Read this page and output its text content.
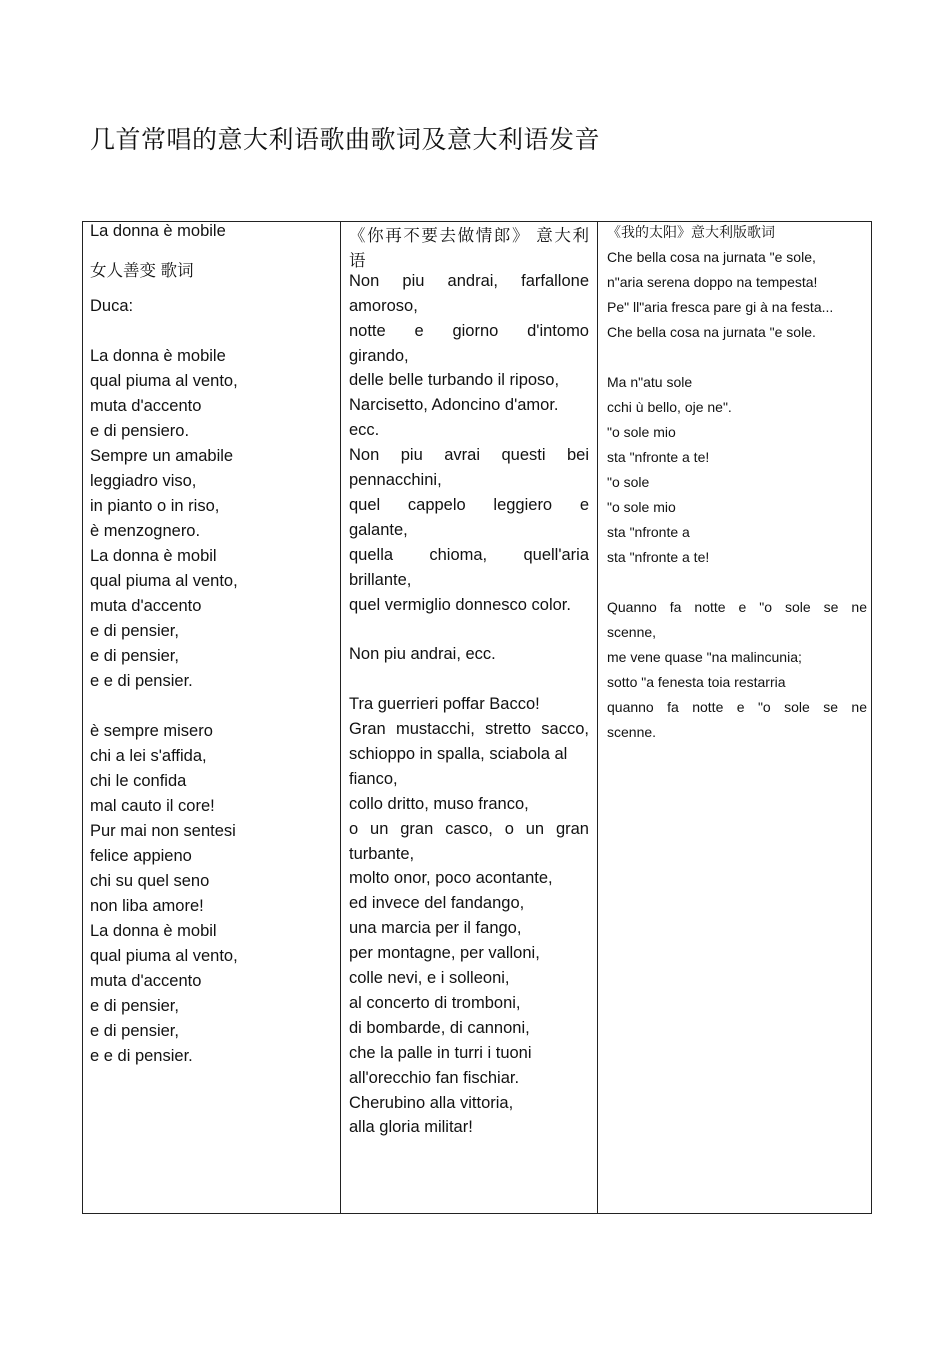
几首常唱的意大利语歌曲歌词及意大利语发音
La donna è mobile
女人善变 歌词
Duca:
La donna è mobile
qual piuma al vento,
muta d'accento
e di pensiero.
Sempre un amabile
leggiadro viso,
in pianto o in riso,
è menzognero.
La donna è mobil
qual piuma al vento,
muta d'accento
e di pensier,
e di pensier,
e e di pensier.
è sempre misero
chi a lei s'affida,
chi le confida
mal cauto il core!
Pur mai non sentesi
felice appieno
chi su quel seno
non liba amore!
La donna è mobil
qual piuma al vento,
muta d'accento
e di pensier,
e di pensier,
e e di pensier.
《你再不要去做情郎》 意大利
语
Non piu andrai, farfallone
amoroso,
notte e giorno d'intomo
girando,
delle belle turbando il riposo,
Narcisetto, Adoncino d'amor.
ecc.
Non piu avrai questi bei
pennacchini,
quel cappelo leggiero e
galante,
quella chioma, quell'aria
brillante,
quel vermiglio donnesco color.
Non piu andrai, ecc.
Tra guerrieri poffar Bacco!
Gran mustacchi, stretto sacco,
schioppo in spalla, sciabola al
fianco,
collo dritto, muso franco,
o un gran casco, o un gran
turbante,
molto onor, poco acontante,
ed invece del fandango,
una marcia per il fango,
per montagne, per valloni,
colle nevi, e i solleoni,
al concerto di tromboni,
di bombarde, di cannoni,
che la palle in turri i tuoni
all'orecchio fan fischiar.
Cherubino alla vittoria,
alla gloria militar!
《我的太阳》意大利版歌词
Che bella cosa na jurnata "e sole,
n"aria serena doppo na tempesta!
Pe" ll"aria fresca pare gi à na festa...
Che bella cosa na jurnata "e sole.
Ma n"atu sole
cchi ù bello, oje ne".
"o sole mio
sta "nfronte a te!
"o sole
"o sole mio
sta "nfronte a
sta "nfronte a te!
Quanno fa notte e "o sole se ne
scenne,
me vene quase "na malincunia;
sotto "a fenesta toia restarria
quanno fa notte e "o sole se ne
scenne.
